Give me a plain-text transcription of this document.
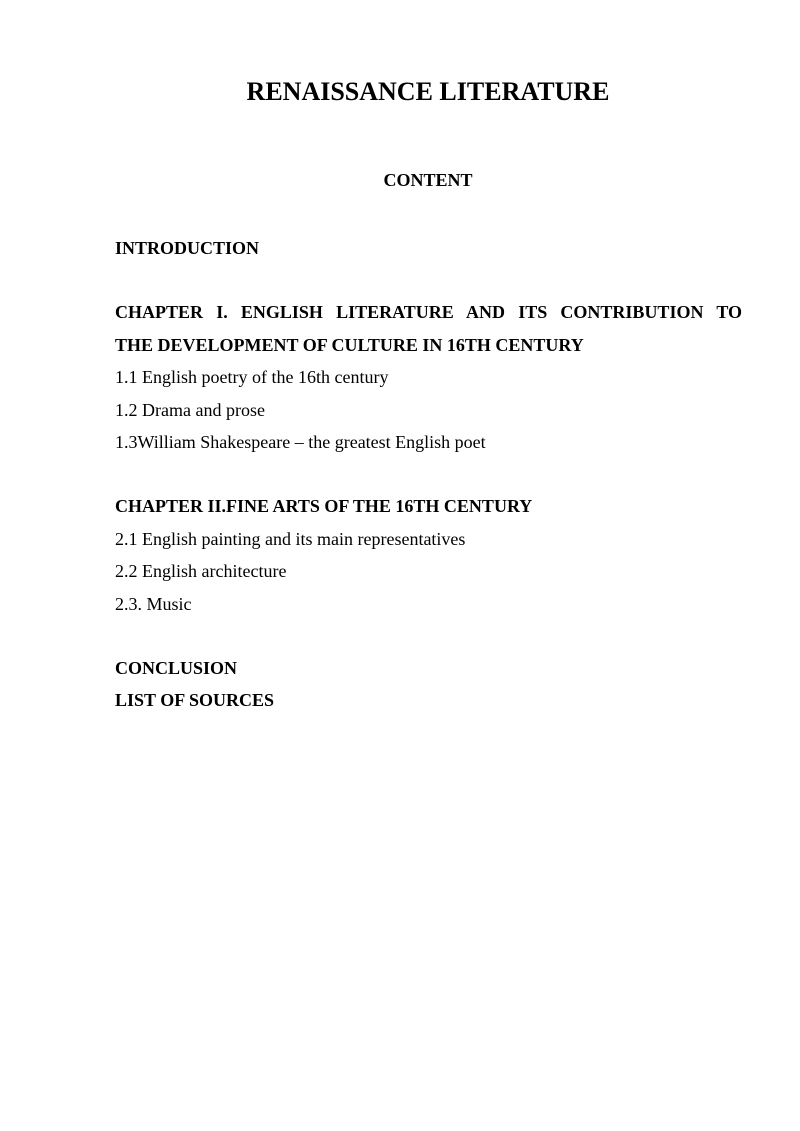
RENAISSANCE LITERATURE
CONTENT
INTRODUCTION
CHAPTER I. ENGLISH LITERATURE AND ITS CONTRIBUTION TO
THE DEVELOPMENT OF CULTURE IN 16TH CENTURY
1.1 English poetry of the 16th century
1.2 Drama and prose
1.3William Shakespeare – the greatest English poet
CHAPTER II.FINE ARTS OF THE 16TH CENTURY
2.1 English painting and its main representatives
2.2 English architecture
2.3. Music
CONCLUSION
LIST OF SOURCES
